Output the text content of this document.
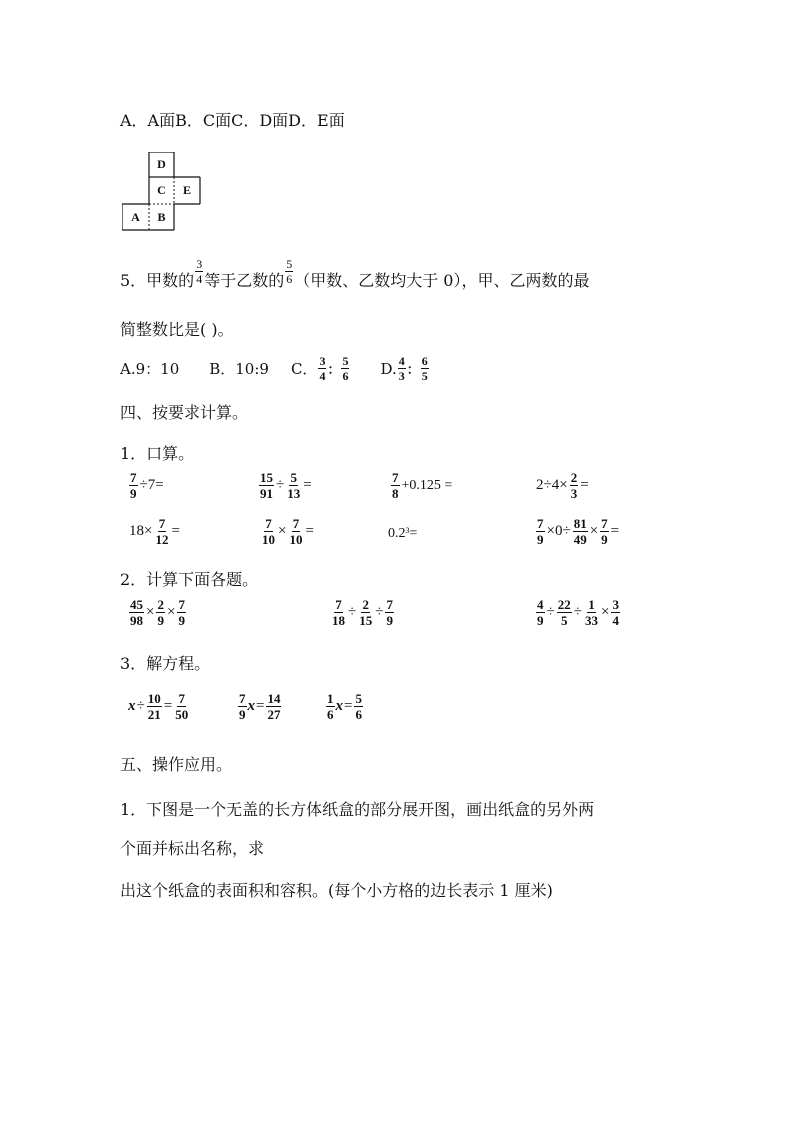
A．A面B．C面C．D面D．E面
D
C	E
A	B
5．甲数的 $\frac{3}{4}$ 等于乙数的 $\frac{5}{6}$ （甲数、乙数均大于 0），甲、乙两数的最
简整数比是( )。
A.9：10 B．10:9 C． $\frac{3}{4}$ ： $\frac{5}{6} D$. $\frac{4}{3}$ ： $\frac{6}{5}$
四、按要求计算。
1．口算。
$\frac{7}{9} \div 7=$	$\frac{15}{91} \div \frac{5}{13}$ =	$\frac{7}{8} +0.125$ =	$2\div 4\times \frac{2}{3}$ =
$18\times \frac{7}{12}$ =	$\frac{7}{10} \times \frac{7}{10}$ =	$0.2^3$ =	$\frac{7}{9} \times 0\div \frac{81}{49} \times \frac{7}{9}$ =
2．计算下面各题。
$\frac{45}{98} \times \frac{2}{9} \times \frac{7}{9}$	$\frac{7}{18} \div \frac{2}{15} \div \frac{7}{9}$	$\frac{4}{9} \div \frac{22}{5} \div \frac{1}{33} \times \frac{3}{4}$
3．解方程。
$x \div \frac{10}{21} = \frac{7}{50}$	$\frac{7}{9}$ $x = \frac{14}{27}$	$\frac{1}{6}$ $x = \frac{5}{6}$
五、操作应用。
1．下图是一个无盖的长方体纸盒的部分展开图，画出纸盒的另外两
个面并标出名称，求
出这个纸盒的表面积和容积。(每个小方格的边长表示 1 厘米)
